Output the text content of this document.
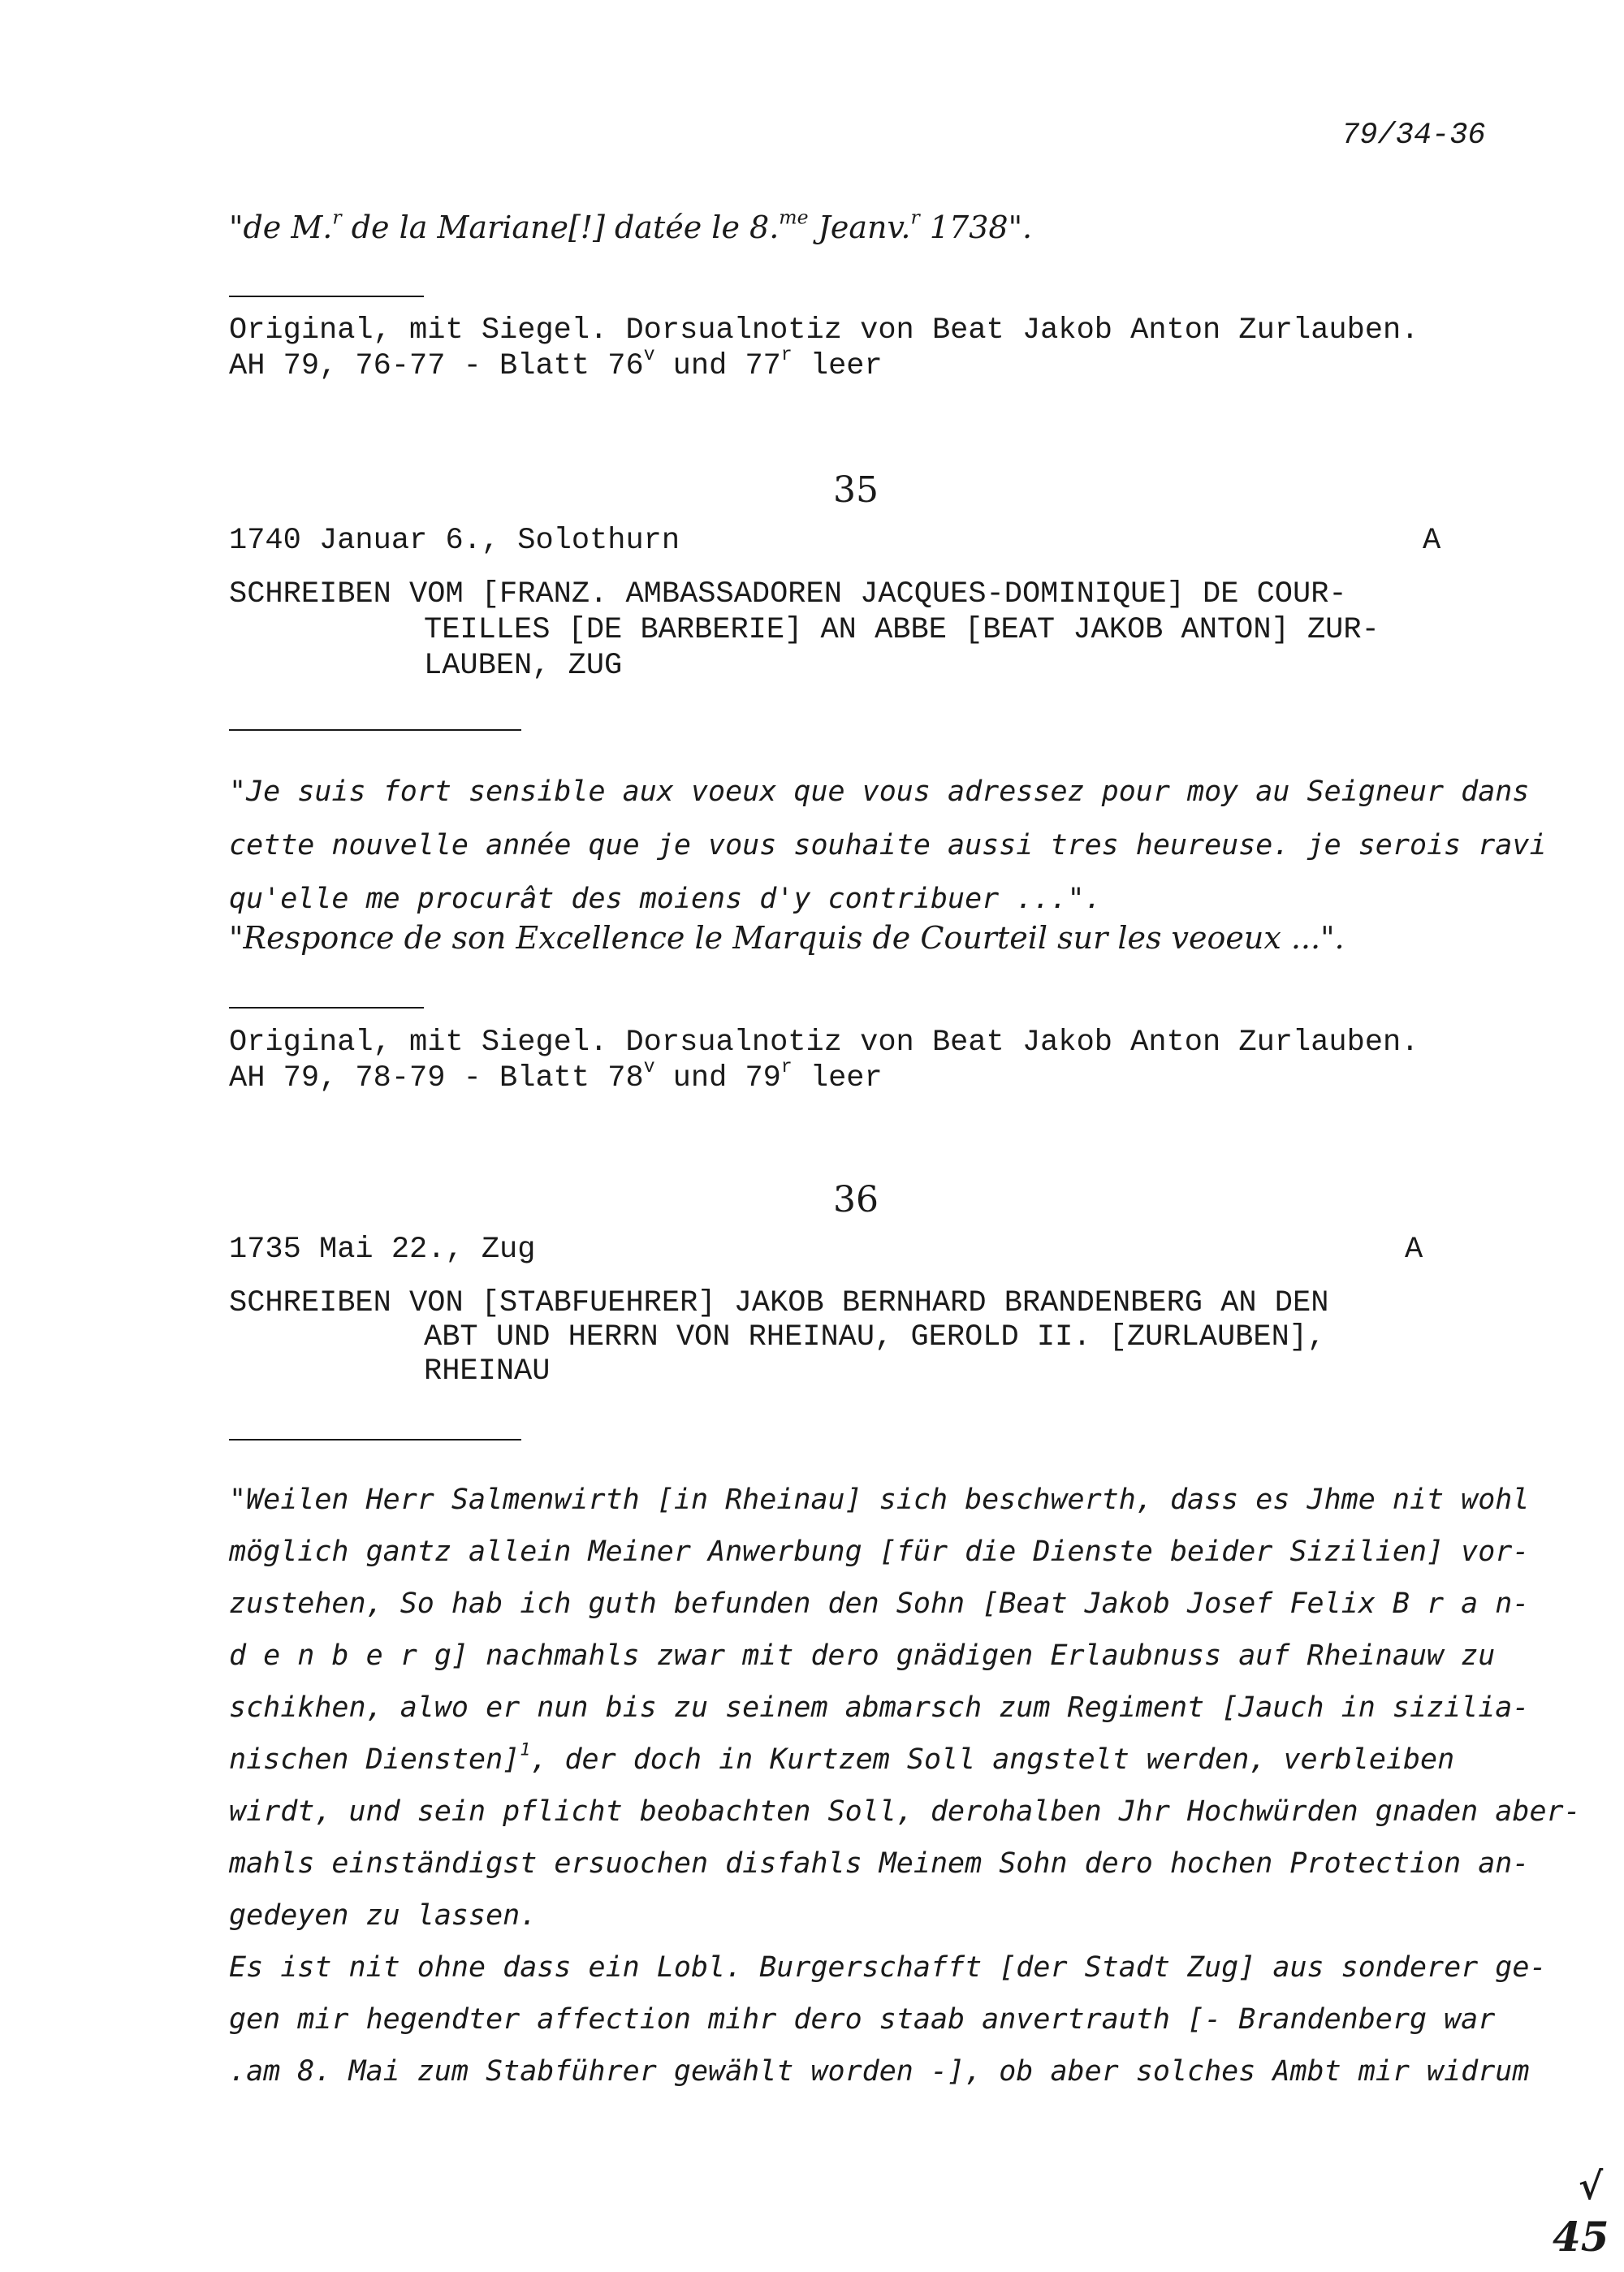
79/34-36
"de M.$^r$ de la Mariane[!] datée le 8.$^{me}$ Jeanv.$^r$ 1738".
Original, mit Siegel. Dorsualnotiz von Beat Jakob Anton Zurlauben.
AH 79, 76-77 - Blatt 76$^v$ und 77$^r$ leer
35
1740 Januar 6., Solothurn	A
SCHREIBEN VOM [FRANZ. AMBASSADOREN JACQUES-DOMINIQUE] DE COUR-
TEILLES [DE BARBERIE] AN ABBE [BEAT JAKOB ANTON] ZUR-
LAUBEN, ZUG
"Je suis fort sensible aux voeux que vous adressez pour moy au Seigneur dans
cette nouvelle année que je vous souhaite aussi tres heureuse. je serois ravi
qu'elle me procurât des moiens d'y contribuer ...".
"Responce de son Excellence le Marquis de Courteil sur les veoeux ...".
Original, mit Siegel. Dorsualnotiz von Beat Jakob Anton Zurlauben.
AH 79, 78-79 - Blatt 78$^v$ und 79$^r$ leer
36
1735 Mai 22., Zug	A
SCHREIBEN VON [STABFUEHRER] JAKOB BERNHARD BRANDENBERG AN DEN
ABT UND HERRN VON RHEINAU, GEROLD II. [ZURLAUBEN],
RHEINAU
"Weilen Herr Salmenwirth [in Rheinau] sich beschwerth, dass es Jhme nit wohl
möglich gantz allein Meiner Anwerbung [für die Dienste beider Sizilien] vor-
zustehen, So hab ich guth befunden den Sohn [Beat Jakob Josef Felix B r a n-
d e n b e r g] nachmahls zwar mit dero gnädigen Erlaubnuss auf Rheinauw zu
schikhen, alwo er nun bis zu seinem abmarsch zum Regiment [Jauch in sizilia-
nischen Diensten]$^1$, der doch in Kurtzem Soll angstelt werden, verbleiben
wirdt, und sein pflicht beobachten Soll, derohalben Jhr Hochwürden gnaden aber-
mahls einständigst ersuochen disfahls Meinem Sohn dero hochen Protection an-
gedeyen zu lassen.
Es ist nit ohne dass ein Lobl. Burgerschafft [der Stadt Zug] aus sonderer ge-
gen mir hegendter affection mihr dero staab anvertrauth [- Brandenberg war
.am 8. Mai zum Stabführer gewählt worden -], ob aber solches Ambt mir widrum
√
45
